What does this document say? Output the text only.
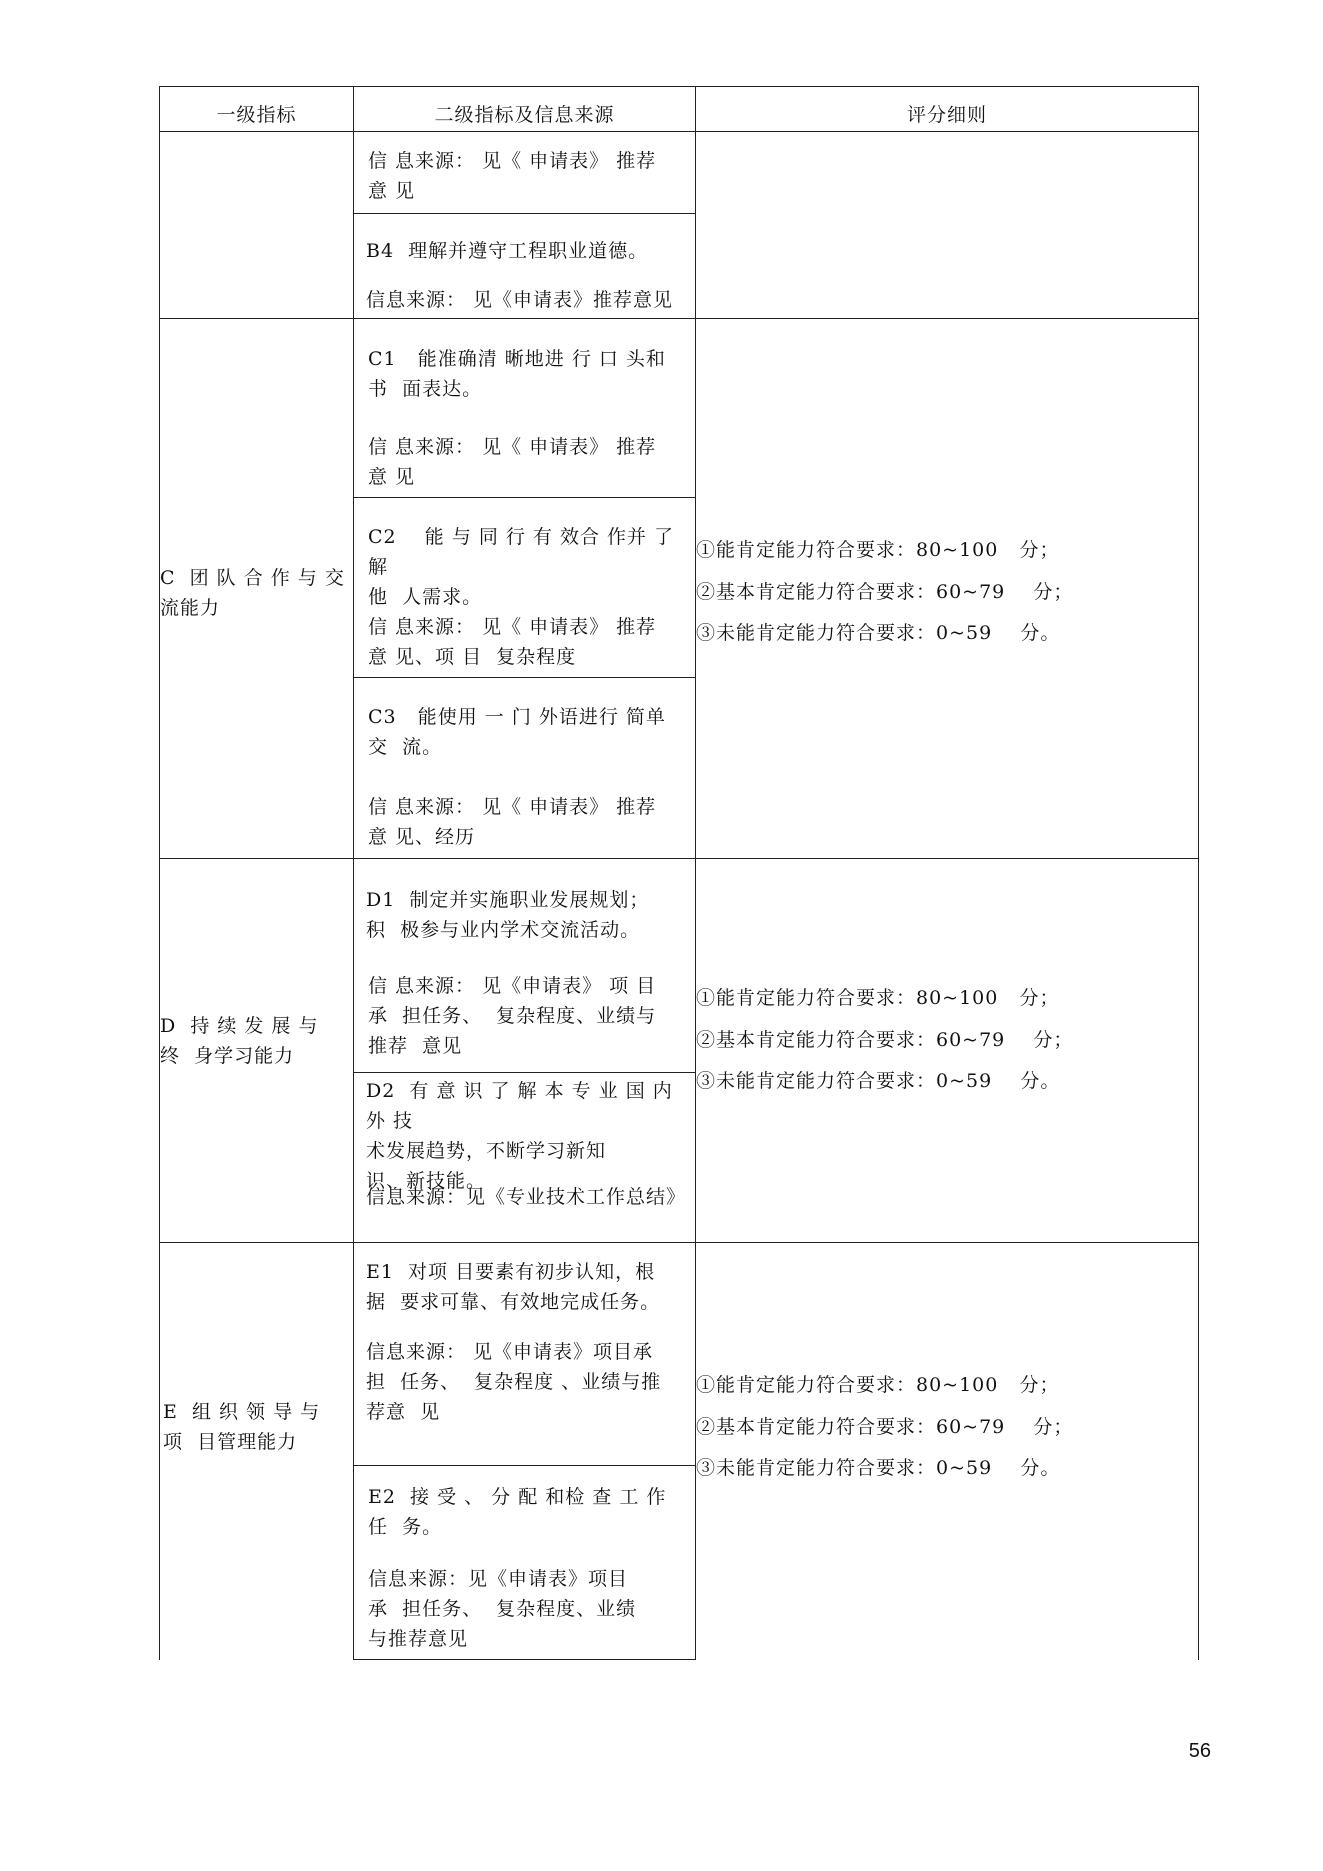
一级指标	二级指标及信息来源	评分细则
信 息来源： 见《 申请表》 推荐
意 见
B4  理解并遵守工程职业道德。
信息来源： 见《申请表》推荐意见
C  团 队 合 作 与 交
流能力
C1   能准确清 晰地进 行 口 头和
书  面表达。
信 息来源： 见《 申请表》 推荐
意 见
C2    能 与 同 行 有 效合 作并 了解
他  人需求。
信 息来源： 见《 申请表》 推荐
意 见、项 目  复杂程度
C3   能使用 一 门 外语进行 简单
交  流。
信 息来源： 见《 申请表》 推荐
意 见、经历
①能肯定能力符合要求：80~100   分；
②基本肯定能力符合要求：60~79    分；
③未能肯定能力符合要求：0~59    分。
D  持 续 发 展 与
终  身学习能力
D1  制定并实施职业发展规划；
积  极参与业内学术交流活动。
信 息来源： 见《申请表》 项 目
承  担任务、  复杂程度、业绩与
推荐  意见
D2  有 意 识 了 解 本 专 业 国 内 外 技
术发展趋势，不断学习新知
识、新技能。
信息来源：见《专业技术工作总结》
①能肯定能力符合要求：80~100   分；
②基本肯定能力符合要求：60~79    分；
③未能肯定能力符合要求：0~59    分。
E  组 织 领 导 与
项  目管理能力
E1  对项 目要素有初步认知，根
据  要求可靠、有效地完成任务。
信息来源： 见《申请表》项目承
担  任务、  复杂程度 、业绩与推
荐意  见
E2  接 受 、 分 配 和检 查 工 作
任  务。
信息来源：见《申请表》项目
承  担任务、  复杂程度、业绩
与推荐意见
①能肯定能力符合要求：80~100   分；
②基本肯定能力符合要求：60~79    分；
③未能肯定能力符合要求：0~59    分。
56
